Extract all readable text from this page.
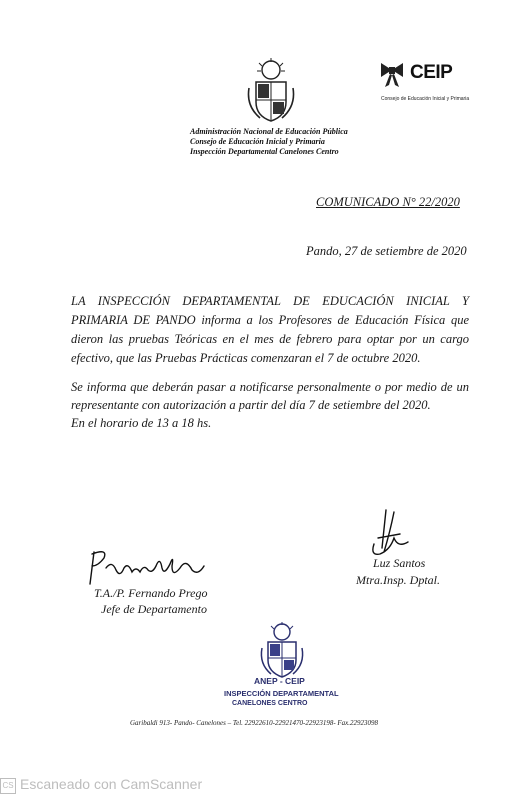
CEIP
Consejo de Educación Inicial y Primaria
Administración Nacional de Educación Pública
Consejo de Educación Inicial y Primaria
Inspección Departamental Canelones Centro
COMUNICADO N° 22/2020
Pando, 27 de setiembre de 2020
LA INSPECCIÓN DEPARTAMENTAL DE EDUCACIÓN INICIAL Y PRIMARIA DE PANDO informa a los Profesores de Educación Física que dieron las pruebas Teóricas en el mes de febrero para optar por un cargo efectivo, que las Pruebas Prácticas comenzaran el 7 de octubre 2020.
Se informa que deberán pasar a notificarse personalmente o por medio de un representante con autorización a partir del día 7 de setiembre del 2020.
En el horario de 13 a 18 hs.
T.A./P. Fernando Prego
Jefe de Departamento
Luz Santos
Mtra.Insp. Dptal.
ANEP - CEIP
INSPECCIÓN DEPARTAMENTAL
CANELONES CENTRO
Garibaldi 913- Pando- Canelones – Tel. 22922610-22921470-22923198- Fax.22923098
CS Escaneado con CamScanner
